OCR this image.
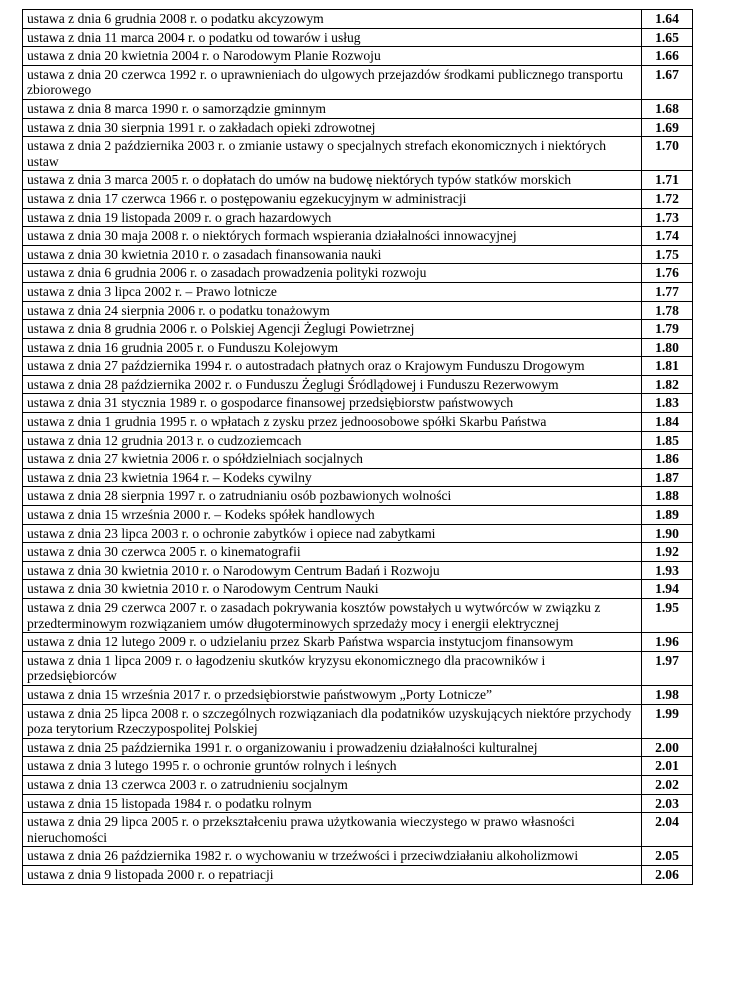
ustawa z dnia 6 grudnia 2008 r. o podatku akcyzowym	1.64
ustawa z dnia 11 marca 2004 r. o podatku od towarów i usług	1.65
ustawa z dnia 20 kwietnia 2004 r. o Narodowym Planie Rozwoju	1.66
ustawa z dnia 20 czerwca 1992 r. o uprawnieniach do ulgowych przejazdów środkami publicznego transportu zbiorowego	1.67
ustawa z dnia 8 marca 1990 r. o samorządzie gminnym	1.68
ustawa z dnia 30 sierpnia 1991 r. o zakładach opieki zdrowotnej	1.69
ustawa z dnia 2 października 2003 r. o zmianie ustawy o specjalnych strefach ekonomicznych i niektórych ustaw	1.70
ustawa z dnia 3 marca 2005 r. o dopłatach do umów na budowę niektórych typów statków morskich	1.71
ustawa z dnia 17 czerwca 1966 r. o postępowaniu egzekucyjnym w administracji	1.72
ustawa z dnia 19 listopada 2009 r. o grach hazardowych	1.73
ustawa z dnia 30 maja 2008 r. o niektórych formach wspierania działalności innowacyjnej	1.74
ustawa z dnia 30 kwietnia 2010 r. o zasadach finansowania nauki	1.75
ustawa z dnia 6 grudnia 2006 r. o zasadach prowadzenia polityki rozwoju	1.76
ustawa z dnia 3 lipca 2002 r. – Prawo lotnicze	1.77
ustawa z dnia 24 sierpnia 2006 r. o podatku tonażowym	1.78
ustawa z dnia 8 grudnia 2006 r. o Polskiej Agencji Żeglugi Powietrznej	1.79
ustawa z dnia 16 grudnia 2005 r. o Funduszu Kolejowym	1.80
ustawa z dnia 27 października 1994 r. o autostradach płatnych oraz o Krajowym Funduszu Drogowym	1.81
ustawa z dnia 28 października 2002 r. o Funduszu Żeglugi Śródlądowej i Funduszu Rezerwowym	1.82
ustawa z dnia 31 stycznia 1989 r. o gospodarce finansowej przedsiębiorstw państwowych	1.83
ustawa z dnia 1 grudnia 1995 r. o wpłatach z zysku przez jednoosobowe spółki Skarbu Państwa	1.84
ustawa z dnia 12 grudnia 2013 r. o cudzoziemcach	1.85
ustawa z dnia 27 kwietnia 2006 r. o spółdzielniach socjalnych	1.86
ustawa z dnia 23 kwietnia 1964 r. – Kodeks cywilny	1.87
ustawa z dnia 28 sierpnia 1997 r. o zatrudnianiu osób pozbawionych wolności	1.88
ustawa z dnia 15 września 2000 r. – Kodeks spółek handlowych	1.89
ustawa z dnia 23 lipca 2003 r. o ochronie zabytków i opiece nad zabytkami	1.90
ustawa z dnia 30 czerwca 2005 r. o kinematografii	1.92
ustawa z dnia 30 kwietnia 2010 r. o Narodowym Centrum Badań i Rozwoju	1.93
ustawa z dnia 30 kwietnia 2010 r. o Narodowym Centrum Nauki	1.94
ustawa z dnia 29 czerwca 2007 r. o zasadach pokrywania kosztów powstałych u wytwórców w związku z przedterminowym rozwiązaniem umów długoterminowych sprzedaży mocy i energii elektrycznej	1.95
ustawa z dnia 12 lutego 2009 r. o udzielaniu przez Skarb Państwa wsparcia instytucjom finansowym	1.96
ustawa z dnia 1 lipca 2009 r. o łagodzeniu skutków kryzysu ekonomicznego dla pracowników i przedsiębiorców	1.97
ustawa z dnia 15 września 2017 r. o przedsiębiorstwie państwowym „Porty Lotnicze”	1.98
ustawa z dnia 25 lipca 2008 r. o szczególnych rozwiązaniach dla podatników uzyskujących niektóre przychody poza terytorium Rzeczypospolitej Polskiej	1.99
ustawa z dnia 25 października 1991 r. o organizowaniu i prowadzeniu działalności kulturalnej	2.00
ustawa z dnia 3 lutego 1995 r. o ochronie gruntów rolnych i leśnych	2.01
ustawa z dnia 13 czerwca 2003 r. o zatrudnieniu socjalnym	2.02
ustawa z dnia 15 listopada 1984 r. o podatku rolnym	2.03
ustawa z dnia 29 lipca 2005 r. o przekształceniu prawa użytkowania wieczystego w prawo własności nieruchomości	2.04
ustawa z dnia 26 października 1982 r. o wychowaniu w trzeźwości i przeciwdziałaniu alkoholizmowi	2.05
ustawa z dnia 9 listopada 2000 r. o repatriacji	2.06
